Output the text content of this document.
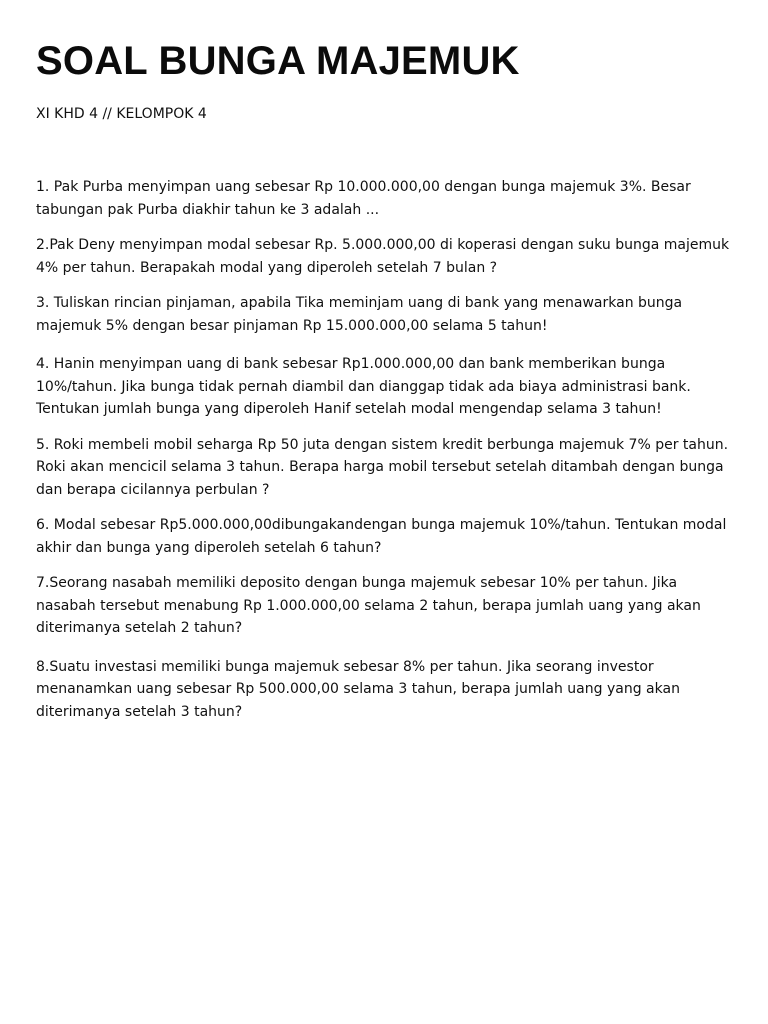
SOAL BUNGA MAJEMUK
XI KHD 4 // KELOMPOK 4
1. Pak Purba menyimpan uang sebesar Rp 10.000.000,00 dengan bunga majemuk 3%. Besar tabungan pak Purba diakhir tahun ke 3 adalah ...
2.Pak Deny menyimpan modal sebesar Rp. 5.000.000,00 di koperasi dengan suku bunga majemuk 4% per tahun. Berapakah modal yang diperoleh setelah 7 bulan ?
3. Tuliskan rincian pinjaman, apabila Tika meminjam uang di bank yang menawarkan bunga majemuk 5% dengan besar pinjaman Rp 15.000.000,00 selama 5 tahun!
4. Hanin menyimpan uang di bank sebesar Rp1.000.000,00 dan bank memberikan bunga 10%/tahun. Jika bunga tidak pernah diambil dan dianggap tidak ada biaya administrasi bank. Tentukan jumlah bunga yang diperoleh Hanif setelah modal mengendap selama 3 tahun!
5. Roki membeli mobil seharga Rp 50 juta dengan sistem kredit berbunga majemuk 7% per tahun. Roki akan mencicil selama 3 tahun. Berapa harga mobil tersebut setelah ditambah dengan bunga dan berapa cicilannya perbulan ?
6. Modal sebesar Rp5.000.000,00dibungakandengan bunga majemuk 10%/tahun. Tentukan modal akhir dan bunga yang diperoleh setelah 6 tahun?
7.Seorang nasabah memiliki deposito dengan bunga majemuk sebesar 10% per tahun. Jika nasabah tersebut menabung Rp 1.000.000,00 selama 2 tahun, berapa jumlah uang yang akan diterimanya setelah 2 tahun?
8.Suatu investasi memiliki bunga majemuk sebesar 8% per tahun. Jika seorang investor menanamkan uang sebesar Rp 500.000,00 selama 3 tahun, berapa jumlah uang yang akan diterimanya setelah 3 tahun?
